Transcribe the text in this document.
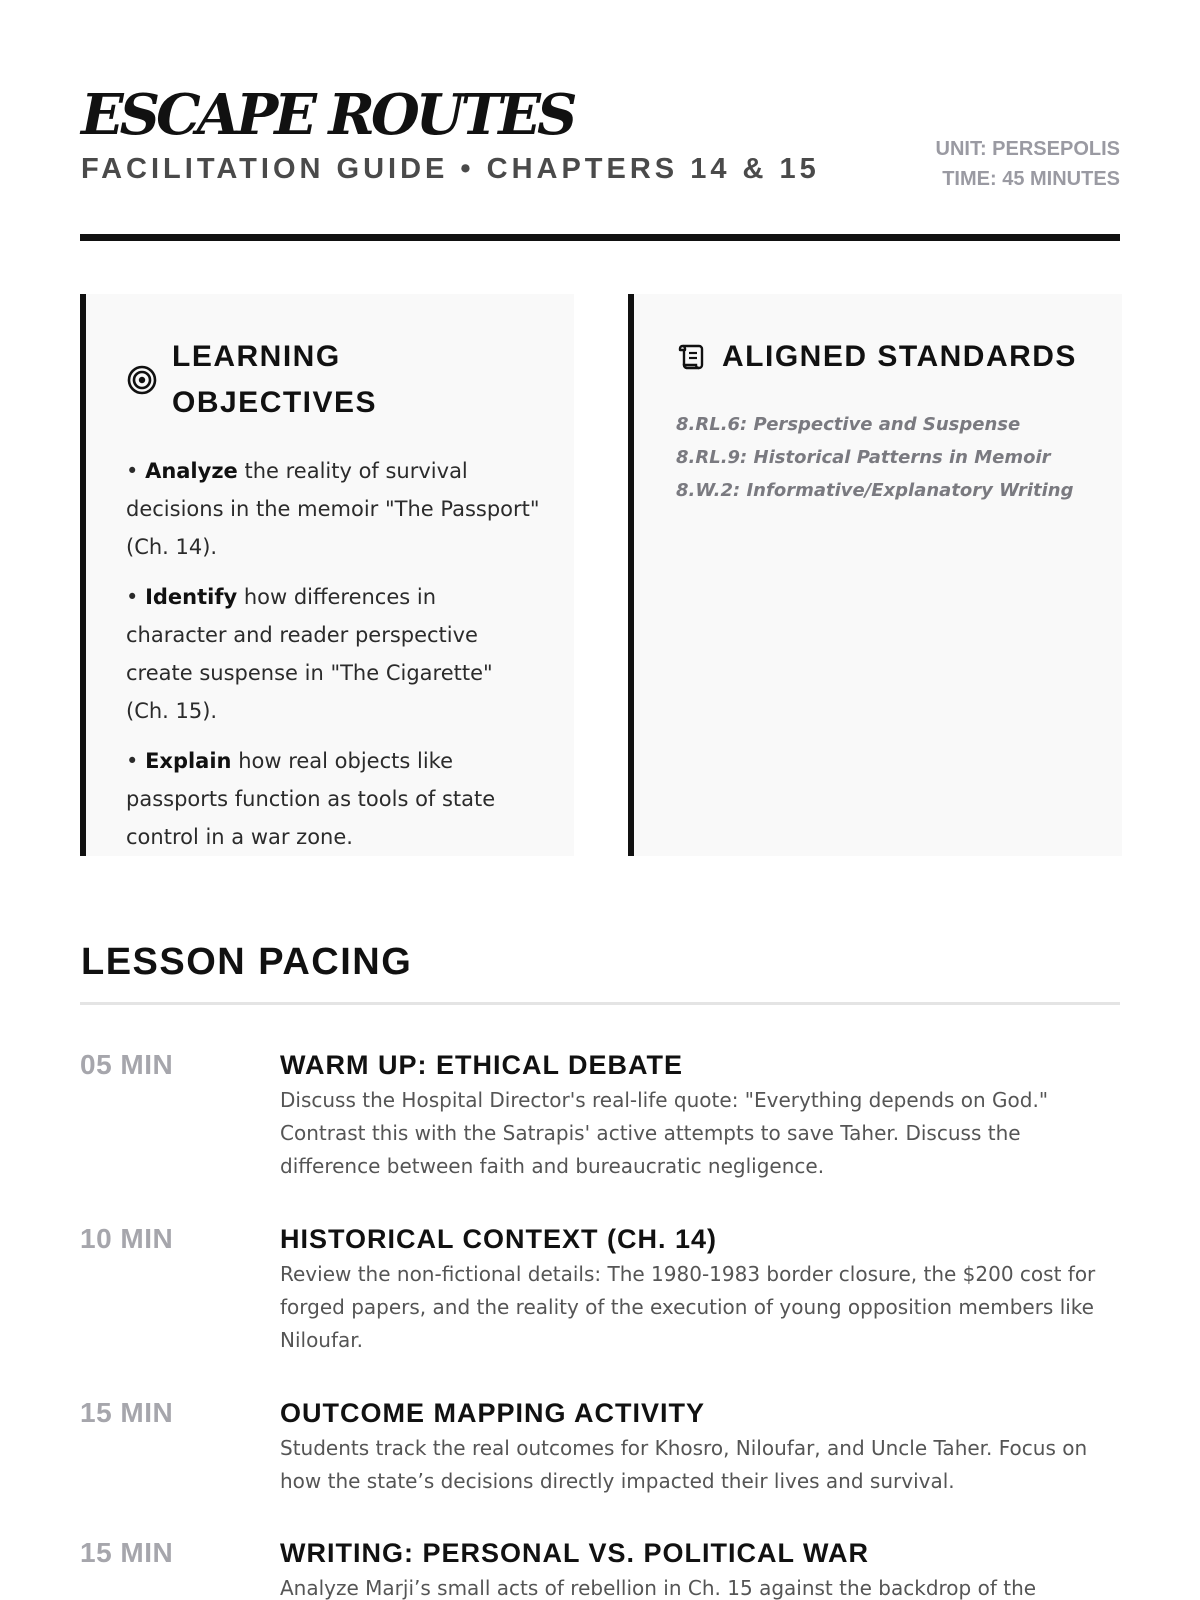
ESCAPE ROUTES
FACILITATION GUIDE • CHAPTERS 14 & 15
UNIT: PERSEPOLIS
TIME: 45 MINUTES
LEARNING OBJECTIVES
• Analyze the reality of survival decisions in the memoir "The Passport" (Ch. 14).
• Identify how differences in character and reader perspective create suspense in "The Cigarette" (Ch. 15).
• Explain how real objects like passports function as tools of state control in a war zone.
ALIGNED STANDARDS
8.RL.6: Perspective and Suspense
8.RL.9: Historical Patterns in Memoir
8.W.2: Informative/Explanatory Writing
LESSON PACING
05 MIN	WARM UP: ETHICAL DEBATE
Discuss the Hospital Director's real-life quote: "Everything depends on God." Contrast this with the Satrapis' active attempts to save Taher. Discuss the difference between faith and bureaucratic negligence.
10 MIN	HISTORICAL CONTEXT (CH. 14)
Review the non-fictional details: The 1980-1983 border closure, the $200 cost for forged papers, and the reality of the execution of young opposition members like Niloufar.
15 MIN	OUTCOME MAPPING ACTIVITY
Students track the real outcomes for Khosro, Niloufar, and Uncle Taher. Focus on how the state’s decisions directly impacted their lives and survival.
15 MIN	WRITING: PERSONAL VS. POLITICAL WAR
Analyze Marji’s small acts of rebellion in Ch. 15 against the backdrop of the
